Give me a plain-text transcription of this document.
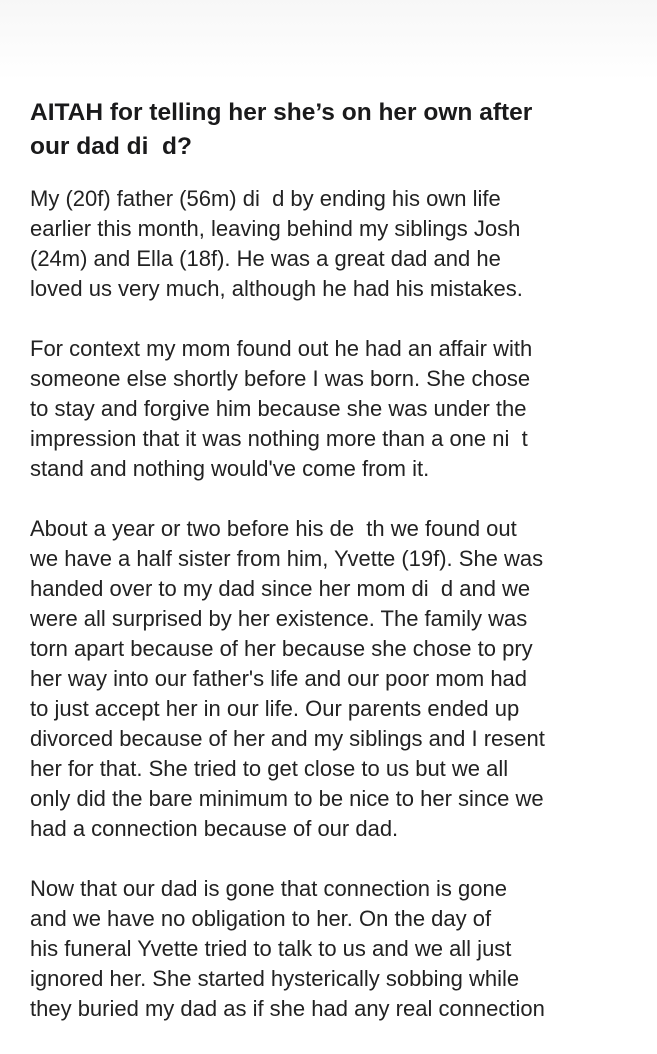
AITAH for telling her she’s on her own after
our dad di  d?

My (20f) father (56m) di  d by ending his own life
earlier this month, leaving behind my siblings Josh
(24m) and Ella (18f). He was a great dad and he
loved us very much, although he had his mistakes.

For context my mom found out he had an affair with
someone else shortly before I was born. She chose
to stay and forgive him because she was under the
impression that it was nothing more than a one ni  t
stand and nothing would've come from it.

About a year or two before his de  th we found out
we have a half sister from him, Yvette (19f). She was
handed over to my dad since her mom di  d and we
were all surprised by her existence. The family was
torn apart because of her because she chose to pry
her way into our father's life and our poor mom had
to just accept her in our life. Our parents ended up
divorced because of her and my siblings and I resent
her for that. She tried to get close to us but we all
only did the bare minimum to be nice to her since we
had a connection because of our dad.

Now that our dad is gone that connection is gone
and we have no obligation to her. On the day of
his funeral Yvette tried to talk to us and we all just
ignored her. She started hysterically sobbing while
they buried my dad as if she had any real connection
